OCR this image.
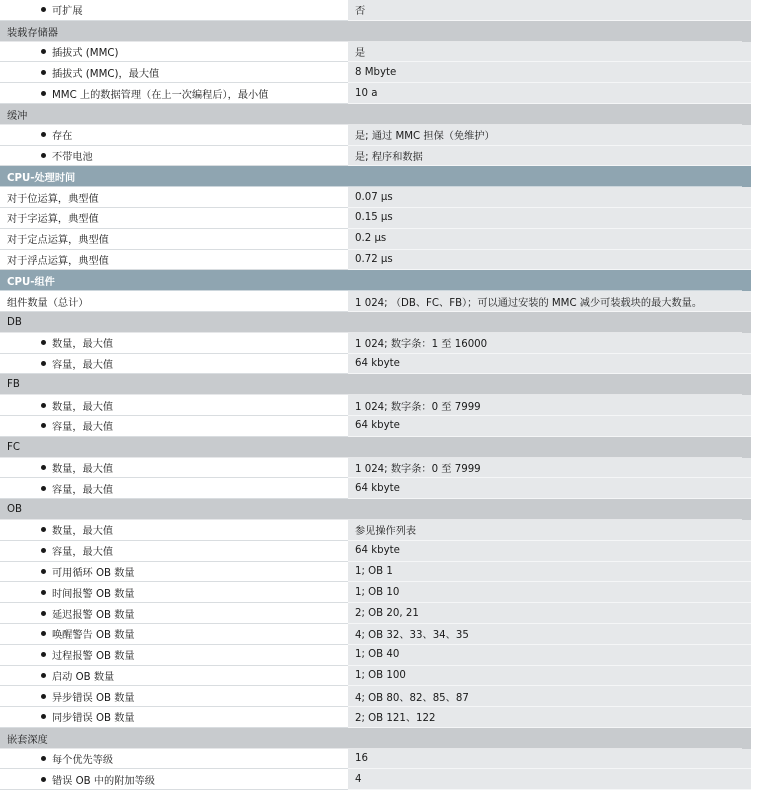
可扩展	否
装载存储器
插拔式 (MMC)	是
插拔式 (MMC)，最大值	8 Mbyte
MMC 上的数据管理（在上一次编程后），最小值	10 a
缓冲
存在	是; 通过 MMC 担保（免维护）
不带电池	是; 程序和数据
CPU-处理时间
对于位运算，典型值	0.07 μs
对于字运算，典型值	0.15 μs
对于定点运算，典型值	0.2 μs
对于浮点运算，典型值	0.72 μs
CPU-组件
组件数量（总计）	1 024; （DB、FC、FB）；可以通过安装的 MMC 减少可装载块的最大数量。
DB
数量，最大值	1 024; 数字条：1 至 16000
容量，最大值	64 kbyte
FB
数量，最大值	1 024; 数字条：0 至 7999
容量，最大值	64 kbyte
FC
数量，最大值	1 024; 数字条：0 至 7999
容量，最大值	64 kbyte
OB
数量，最大值	参见操作列表
容量，最大值	64 kbyte
可用循环 OB 数量	1; OB 1
时间报警 OB 数量	1; OB 10
延迟报警 OB 数量	2; OB 20, 21
唤醒警告 OB 数量	4; OB 32、33、34、35
过程报警 OB 数量	1; OB 40
启动 OB 数量	1; OB 100
异步错误 OB 数量	4; OB 80、82、85、87
同步错误 OB 数量	2; OB 121、122
嵌套深度
每个优先等级	16
错误 OB 中的附加等级	4
